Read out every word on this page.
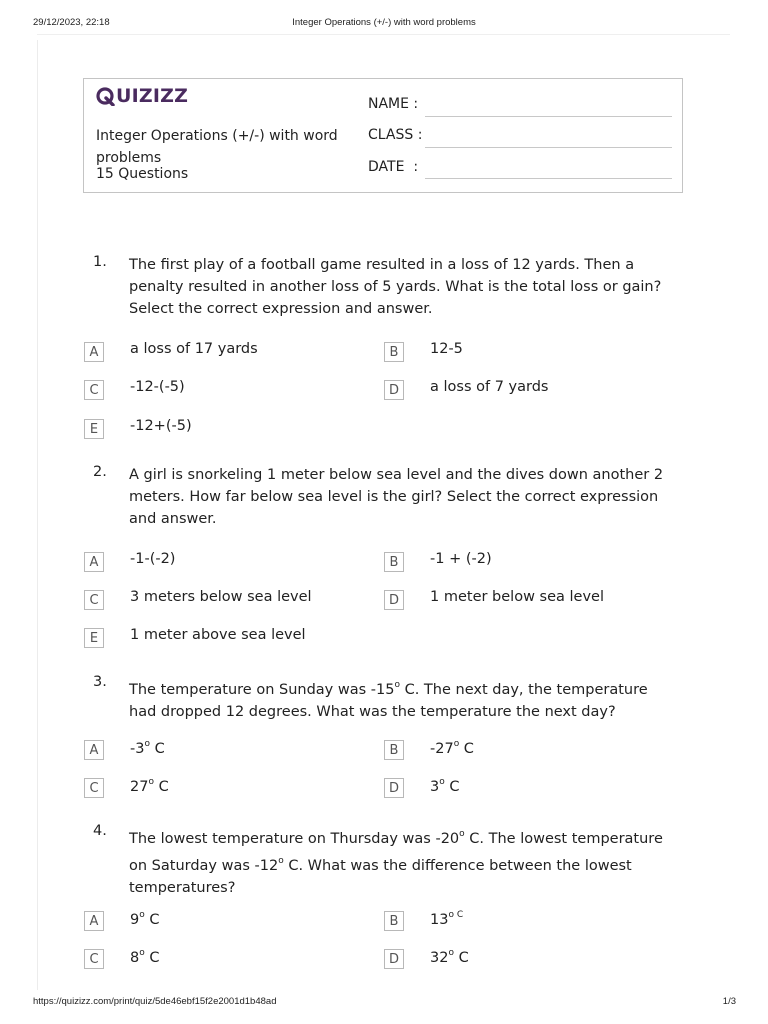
29/12/2023, 22:18	Integer Operations (+/-) with word problems
UIZIZZ
Integer Operations (+/-) with word problems
15 Questions
NAME :
CLASS :
DATE  :
1. The first play of a football game resulted in a loss of 12 yards. Then a penalty resulted in another loss of 5 yards. What is the total loss or gain? Select the correct expression and answer.
A	a loss of 17 yards	B	12-5
C	-12-(-5)	D	a loss of 7 yards
E	-12+(-5)
2. A girl is snorkeling 1 meter below sea level and the dives down another 2 meters. How far below sea level is the girl? Select the correct expression and answer.
A	-1-(-2)	B	-1 + (-2)
C	3 meters below sea level	D	1 meter below sea level
E	1 meter above sea level
3. The temperature on Sunday was -15$^o$ C. The next day, the temperature had dropped 12 degrees. What was the temperature the next day?
A	-3$^o$ C	B	-27$^o$ C
C	27$^o$ C	D	3$^o$ C
4. The lowest temperature on Thursday was -20$^o$ C. The lowest temperature on Saturday was -12$^o$ C. What was the difference between the lowest temperatures?
A	9$^o$ C	B	$13^{o C}$
C	8$^o$ C	D	32$^o$ C
https://quizizz.com/print/quiz/5de46ebf15f2e2001d1b48ad	1/3
